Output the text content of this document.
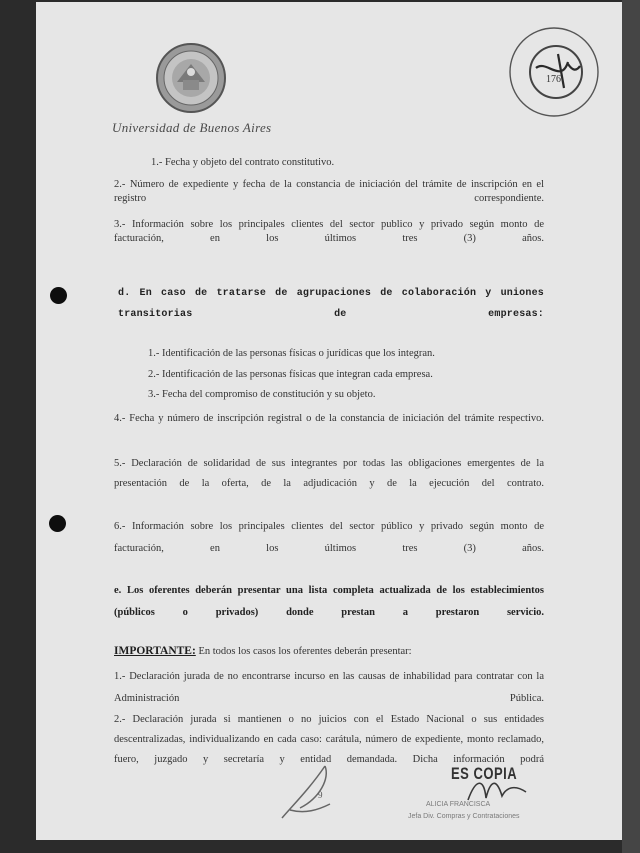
Universidad de Buenos Aires
176
1.- Fecha y objeto del contrato constitutivo.
2.- Número de expediente y fecha de la constancia de iniciación del trámite de inscripción en el registro correspondiente.
3.- Información sobre los principales clientes del sector publico y privado según monto de facturación, en los últimos tres (3) años.
d. En caso de tratarse de agrupaciones de colaboración y uniones transitorias de empresas:
1.- Identificación de las personas físicas o jurídicas que los integran.
2.- Identificación de las personas físicas que integran cada empresa.
3.- Fecha del compromiso de constitución y su objeto.
4.- Fecha y número de inscripción registral o de la constancia de iniciación del trámite respectivo.
5.- Declaración de solidaridad de sus integrantes por todas las obligaciones emergentes de la presentación de la oferta, de la adjudicación y de la ejecución del contrato.
6.- Información sobre los principales clientes del sector público y privado según monto de facturación, en los últimos tres (3) años.
e. Los oferentes deberán presentar una lista completa actualizada de los establecimientos (públicos o privados) donde prestan a prestaron servicio.
IMPORTANTE: En todos los casos los oferentes deberán presentar:
1.- Declaración jurada de no encontrarse incurso en las causas de inhabilidad para contratar con la Administración Pública.
2.- Declaración jurada si mantienen o no juicios con el Estado Nacional o sus entidades descentralizadas, individualizando en cada caso: carátula, número de expediente, monto reclamado, fuero, juzgado y secretaría y entidad demandada. Dicha información podrá
ES COPIA
9
ALICIA FRANCISCA
Jefa Div. Compras y Contrataciones
